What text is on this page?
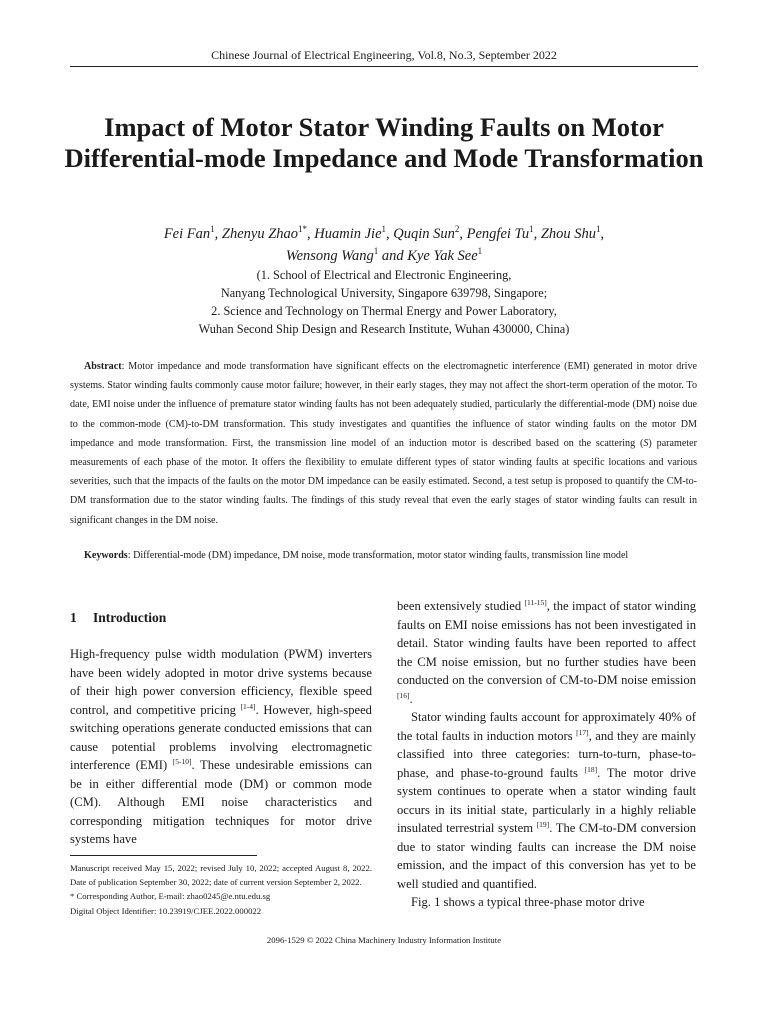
Chinese Journal of Electrical Engineering, Vol.8, No.3, September 2022
Impact of Motor Stator Winding Faults on Motor Differential-mode Impedance and Mode Transformation
Fei Fan$^1$, Zhenyu Zhao$^{1*}$, Huamin Jie$^1$, Quqin Sun$^2$, Pengfei Tu$^1$, Zhou Shu$^1$,
Wensong Wang$^1$ and Kye Yak See$^1$
(1. School of Electrical and Electronic Engineering,
Nanyang Technological University, Singapore 639798, Singapore;
2. Science and Technology on Thermal Energy and Power Laboratory,
Wuhan Second Ship Design and Research Institute, Wuhan 430000, China)

Abstract: Motor impedance and mode transformation have significant effects on the electromagnetic interference (EMI) generated in motor drive systems. Stator winding faults commonly cause motor failure; however, in their early stages, they may not affect the short-term operation of the motor. To date, EMI noise under the influence of premature stator winding faults has not been adequately studied, particularly the differential-mode (DM) noise due to the common-mode (CM)-to-DM transformation. This study investigates and quantifies the influence of stator winding faults on the motor DM impedance and mode transformation. First, the transmission line model of an induction motor is described based on the scattering (S) parameter measurements of each phase of the motor. It offers the flexibility to emulate different types of stator winding faults at specific locations and various severities, such that the impacts of the faults on the motor DM impedance can be easily estimated. Second, a test setup is proposed to quantify the CM-to-DM transformation due to the stator winding faults. The findings of this study reveal that even the early stages of stator winding faults can result in significant changes in the DM noise.

Keywords: Differential-mode (DM) impedance, DM noise, mode transformation, motor stator winding faults, transmission line model

1 Introduction

High-frequency pulse width modulation (PWM) inverters have been widely adopted in motor drive systems because of their high power conversion efficiency, flexible speed control, and competitive pricing [1-4]. However, high-speed switching operations generate conducted emissions that can cause potential problems involving electromagnetic interference (EMI) [5-10]. These undesirable emissions can be in either differential mode (DM) or common mode (CM). Although EMI noise characteristics and corresponding mitigation techniques for motor drive systems have

been extensively studied [11-15], the impact of stator winding faults on EMI noise emissions has not been investigated in detail. Stator winding faults have been reported to affect the CM noise emission, but no further studies have been conducted on the conversion of CM-to-DM noise emission [16].

Stator winding faults account for approximately 40% of the total faults in induction motors [17], and they are mainly classified into three categories: turn-to-turn, phase-to-phase, and phase-to-ground faults [18]. The motor drive system continues to operate when a stator winding fault occurs in its initial state, particularly in a highly reliable insulated terrestrial system [19]. The CM-to-DM conversion due to stator winding faults can increase the DM noise emission, and the impact of this conversion has yet to be well studied and quantified.

Fig. 1 shows a typical three-phase motor drive

Manuscript received May 15, 2022; revised July 10, 2022; accepted August 8, 2022. Date of publication September 30, 2022; date of current version September 2, 2022.

* Corresponding Author, E-mail: zhao0245@e.ntu.edu.sg

Digital Object Identifier: 10.23919/CJEE.2022.000022

2096-1529 © 2022 China Machinery Industry Information Institute
